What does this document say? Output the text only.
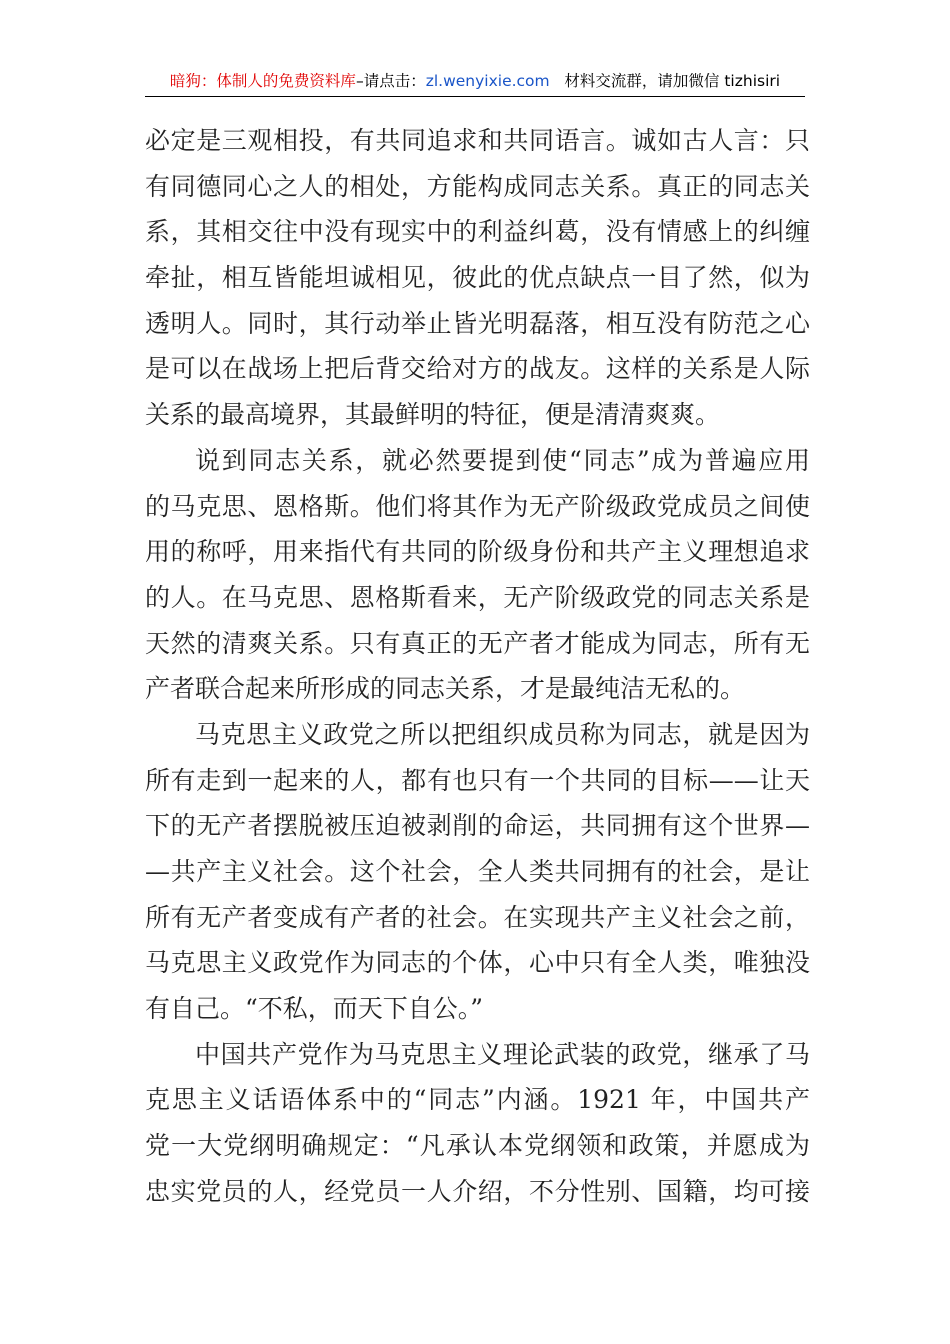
暗狗：体制人的免费资料库–请点击：zl.wenyixie.com 材料交流群，请加微信 tizhisiri
必定是三观相投，有共同追求和共同语言。诚如古人言：只
有同德同心之人的相处，方能构成同志关系。真正的同志关
系，其相交往中没有现实中的利益纠葛，没有情感上的纠缠
牵扯，相互皆能坦诚相见，彼此的优点缺点一目了然，似为
透明人。同时，其行动举止皆光明磊落，相互没有防范之心
是可以在战场上把后背交给对方的战友。这样的关系是人际
关系的最高境界，其最鲜明的特征，便是清清爽爽。
说到同志关系，就必然要提到使“同志”成为普遍应用
的马克思、恩格斯。他们将其作为无产阶级政党成员之间使
用的称呼，用来指代有共同的阶级身份和共产主义理想追求
的人。在马克思、恩格斯看来，无产阶级政党的同志关系是
天然的清爽关系。只有真正的无产者才能成为同志，所有无
产者联合起来所形成的同志关系，才是最纯洁无私的。
马克思主义政党之所以把组织成员称为同志，就是因为
所有走到一起来的人，都有也只有一个共同的目标——让天
下的无产者摆脱被压迫被剥削的命运，共同拥有这个世界—
—共产主义社会。这个社会，全人类共同拥有的社会，是让
所有无产者变成有产者的社会。在实现共产主义社会之前，
马克思主义政党作为同志的个体，心中只有全人类，唯独没
有自己。“不私，而天下自公。”
中国共产党作为马克思主义理论武装的政党，继承了马
克思主义话语体系中的“同志”内涵。1921 年，中国共产
党一大党纲明确规定：“凡承认本党纲领和政策，并愿成为
忠实党员的人，经党员一人介绍，不分性别、国籍，均可接
